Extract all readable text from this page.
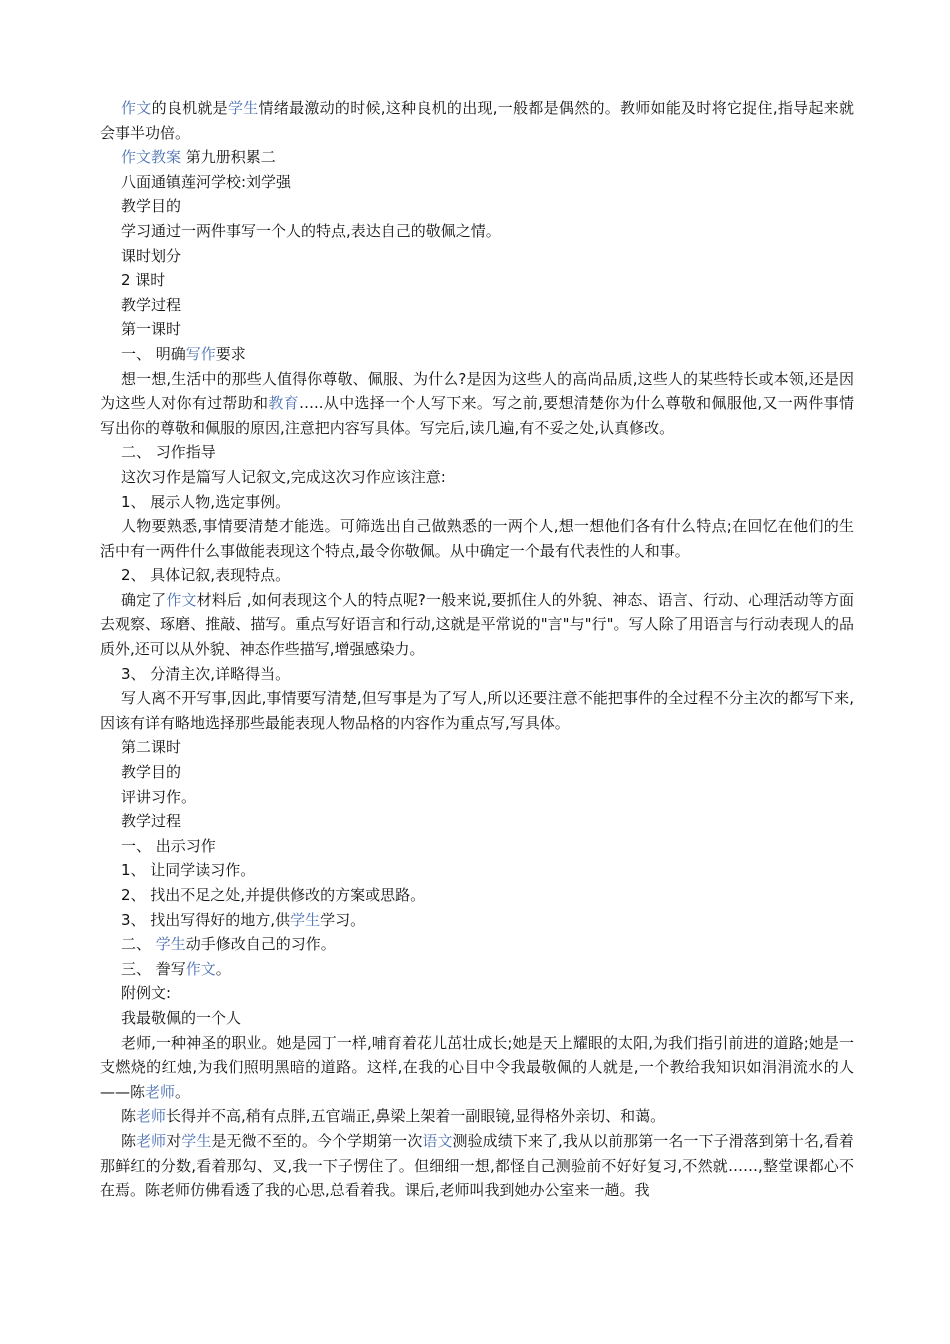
作文的良机就是学生情绪最激动的时候,这种良机的出现,一般都是偶然的。教师如能及时将它捉住,指导起来就会事半功倍。

作文教案 第九册积累二

八面通镇莲河学校:刘学强

教学目的

学习通过一两件事写一个人的特点,表达自己的敬佩之情。

课时划分

2 课时

教学过程

第一课时

一、 明确写作要求

想一想,生活中的那些人值得你尊敬、佩服、为什么?是因为这些人的高尚品质,这些人的某些特长或本领,还是因为这些人对你有过帮助和教育…..从中选择一个人写下来。写之前,要想清楚你为什么尊敬和佩服他,又一两件事情写出你的尊敬和佩服的原因,注意把内容写具体。写完后,读几遍,有不妥之处,认真修改。

二、 习作指导

这次习作是篇写人记叙文,完成这次习作应该注意:

1、 展示人物,选定事例。

人物要熟悉,事情要清楚才能选。可筛选出自己做熟悉的一两个人,想一想他们各有什么特点;在回忆在他们的生活中有一两件什么事做能表现这个特点,最令你敬佩。从中确定一个最有代表性的人和事。

2、 具体记叙,表现特点。

确定了作文材料后 ,如何表现这个人的特点呢?一般来说,要抓住人的外貌、神态、语言、行动、心理活动等方面去观察、琢磨、推敲、描写。重点写好语言和行动,这就是平常说的"言"与"行"。写人除了用语言与行动表现人的品质外,还可以从外貌、神态作些描写,增强感染力。

3、 分清主次,详略得当。

写人离不开写事,因此,事情要写清楚,但写事是为了写人,所以还要注意不能把事件的全过程不分主次的都写下来,因该有详有略地选择那些最能表现人物品格的内容作为重点写,写具体。

第二课时

教学目的

评讲习作。

教学过程

一、 出示习作

1、 让同学读习作。

2、 找出不足之处,并提供修改的方案或思路。

3、 找出写得好的地方,供学生学习。

二、 学生动手修改自己的习作。

三、 誊写作文。

附例文:

我最敬佩的一个人

老师,一种神圣的职业。她是园丁一样,哺育着花儿茁壮成长;她是天上耀眼的太阳,为我们指引前进的道路;她是一支燃烧的红烛,为我们照明黑暗的道路。这样,在我的心目中令我最敬佩的人就是,一个教给我知识如涓涓流水的人——陈老师。

陈老师长得并不高,稍有点胖,五官端正,鼻梁上架着一副眼镜,显得格外亲切、和蔼。

陈老师对学生是无微不至的。今个学期第一次语文测验成绩下来了,我从以前那第一名一下子滑落到第十名,看着那鲜红的分数,看着那勾、叉,我一下子愣住了。但细细一想,都怪自己测验前不好好复习,不然就……,整堂课都心不在焉。陈老师仿佛看透了我的心思,总看着我。课后,老师叫我到她办公室来一趟。我
